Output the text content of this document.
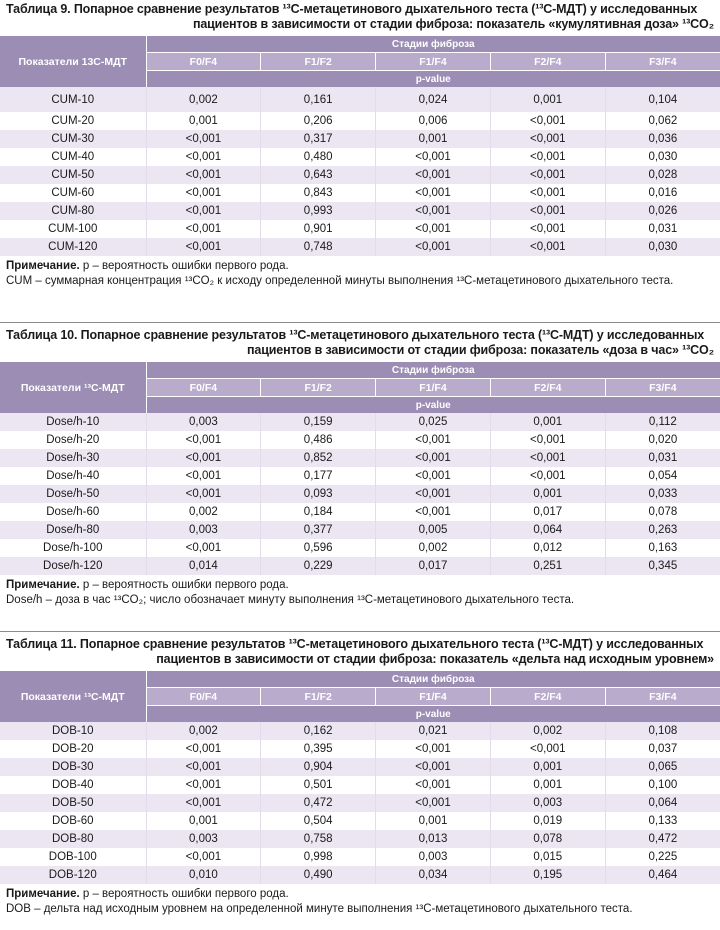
Таблица 9. Попарное сравнение результатов ¹³С-метацетинового дыхательного теста (¹³С-МДТ) у исследованных
пациентов в зависимости от стадии фиброза: показатель «кумулятивная доза» ¹³CO₂
Показатели 13С-МДТ	Стадии фиброза				
	F0/F4	F1/F2	F1/F4	F2/F4	F3/F4
	p-value				
CUM-10	0,002	0,161	0,024	0,001	0,104
CUM-20	0,001	0,206	0,006	<0,001	0,062
CUM-30	<0,001	0,317	0,001	<0,001	0,036
CUM-40	<0,001	0,480	<0,001	<0,001	0,030
CUM-50	<0,001	0,643	<0,001	<0,001	0,028
CUM-60	<0,001	0,843	<0,001	<0,001	0,016
CUM-80	<0,001	0,993	<0,001	<0,001	0,026
CUM-100	<0,001	0,901	<0,001	<0,001	0,031
CUM-120	<0,001	0,748	<0,001	<0,001	0,030
Примечание. p – вероятность ошибки первого рода.
CUM – суммарная концентрация ¹³CO₂ к исходу определенной минуты выполнения ¹³С-метацетинового дыхательного теста.
Таблица 10. Попарное сравнение результатов ¹³С-метацетинового дыхательного теста (¹³С-МДТ) у исследованных
пациентов в зависимости от стадии фиброза: показатель «доза в час» ¹³CO₂
Показатели ¹³С-МДТ	Стадии фиброза				
	F0/F4	F1/F2	F1/F4	F2/F4	F3/F4
	p-value				
Dose/h-10	0,003	0,159	0,025	0,001	0,112
Dose/h-20	<0,001	0,486	<0,001	<0,001	0,020
Dose/h-30	<0,001	0,852	<0,001	<0,001	0,031
Dose/h-40	<0,001	0,177	<0,001	<0,001	0,054
Dose/h-50	<0,001	0,093	<0,001	0,001	0,033
Dose/h-60	0,002	0,184	<0,001	0,017	0,078
Dose/h-80	0,003	0,377	0,005	0,064	0,263
Dose/h-100	<0,001	0,596	0,002	0,012	0,163
Dose/h-120	0,014	0,229	0,017	0,251	0,345
Примечание. p – вероятность ошибки первого рода.
Dose/h – доза в час ¹³CO₂; число обозначает минуту выполнения ¹³С-метацетинового дыхательного теста.
Таблица 11. Попарное сравнение результатов ¹³С-метацетинового дыхательного теста (¹³С-МДТ) у исследованных
пациентов в зависимости от стадии фиброза: показатель «дельта над исходным уровнем»
Показатели ¹³С-МДТ	Стадии фиброза				
	F0/F4	F1/F2	F1/F4	F2/F4	F3/F4
	p-value				
DOB-10	0,002	0,162	0,021	0,002	0,108
DOB-20	<0,001	0,395	<0,001	<0,001	0,037
DOB-30	<0,001	0,904	<0,001	0,001	0,065
DOB-40	<0,001	0,501	<0,001	0,001	0,100
DOB-50	<0,001	0,472	<0,001	0,003	0,064
DOB-60	0,001	0,504	0,001	0,019	0,133
DOB-80	0,003	0,758	0,013	0,078	0,472
DOB-100	<0,001	0,998	0,003	0,015	0,225
DOB-120	0,010	0,490	0,034	0,195	0,464
Примечание. p – вероятность ошибки первого рода.
DOB – дельта над исходным уровнем на определенной минуте выполнения ¹³С-метацетинового дыхательного теста.
